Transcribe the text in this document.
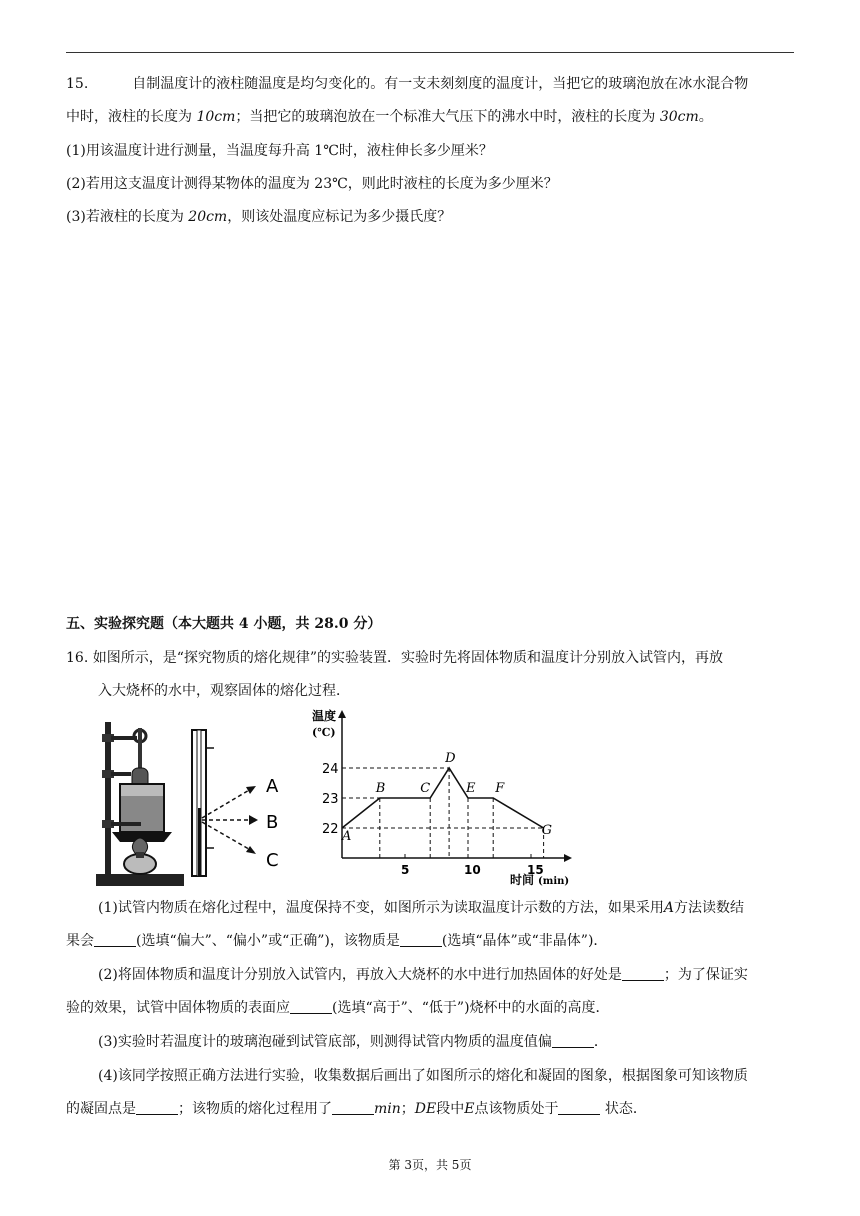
15.	自制温度计的液柱随温度是均匀变化的。有一支未刻刻度的温度计，当把它的玻璃泡放在冰水混合物
中时，液柱的长度为 10cm；当把它的玻璃泡放在一个标准大气压下的沸水中时，液柱的长度为 30cm。
(1)用该温度计进行测量，当温度每升高 1℃时，液柱伸长多少厘米？
(2)若用这支温度计测得某物体的温度为 23℃，则此时液柱的长度为多少厘米？
(3)若液柱的长度为 20cm，则该处温度应标记为多少摄氏度？
五、实验探究题（本大题共 4 小题，共 28.0 分）
16. 如图所示，是“探究物质的熔化规律”的实验装置．实验时先将固体物质和温度计分别放入试管内，再放
入大烧杯的水中，观察固体的熔化过程．
A
B
C
温度
(℃)
时间 (min)
22
23
24
5	10	15
A
B	C
D
E F
G
(1)试管内物质在熔化过程中，温度保持不变，如图所示为读取温度计示数的方法，如果采用A方法读数结
果会	(选填“偏大”、“偏小”或“正确”)，该物质是	(选填“晶体”或“非晶体”)．
(2)将固体物质和温度计分别放入试管内，再放入大烧杯的水中进行加热固体的好处是	；为了保证实
验的效果，试管中固体物质的表面应	(选填“高于”、“低于”)烧杯中的水面的高度．
(3)实验时若温度计的玻璃泡碰到试管底部，则测得试管内物质的温度值偏	．
(4)该同学按照正确方法进行实验，收集数据后画出了如图所示的熔化和凝固的图象，根据图象可知该物质
的凝固点是	；该物质的熔化过程用了	min；DE段中E点该物质处于	状态．
第 3页，共 5页
